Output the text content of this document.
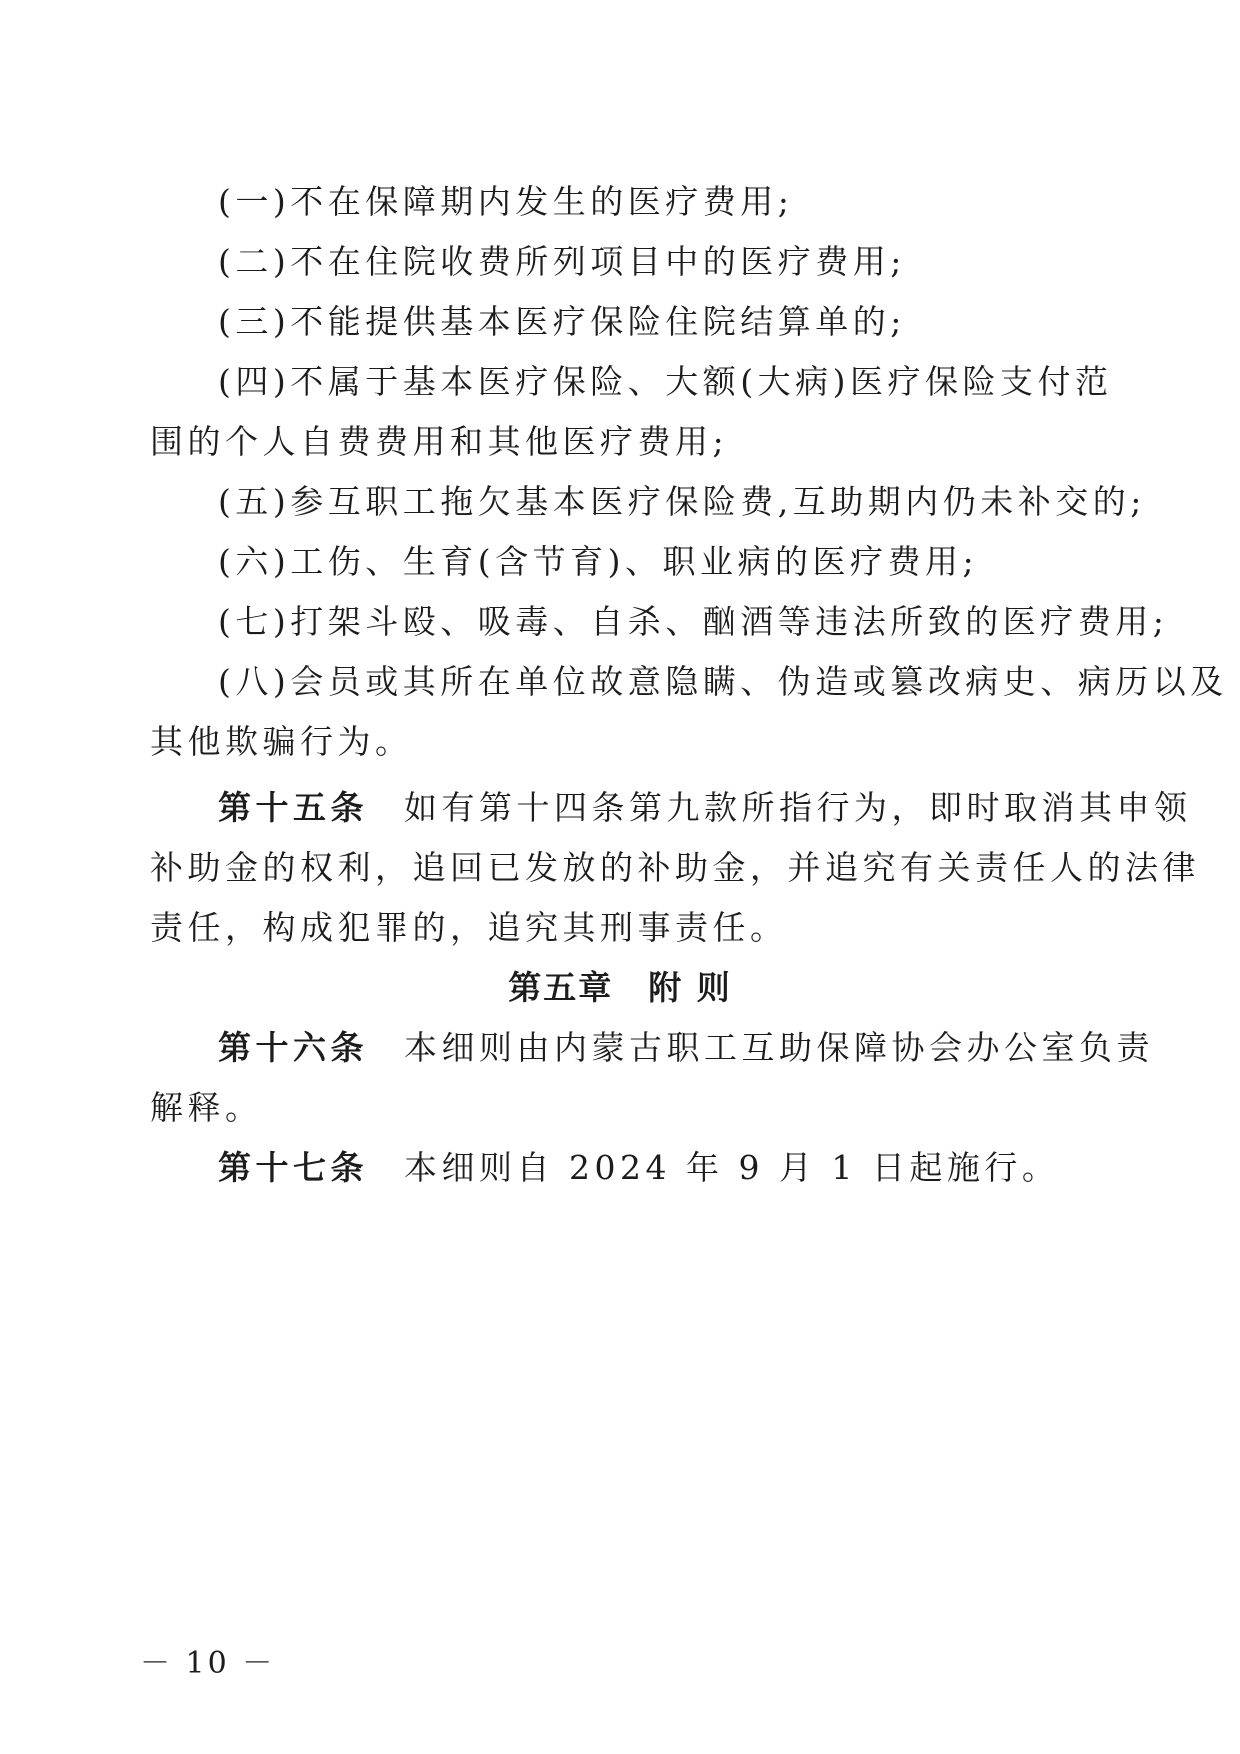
(一)不在保障期内发生的医疗费用;

(二)不在住院收费所列项目中的医疗费用;

(三)不能提供基本医疗保险住院结算单的;

(四)不属于基本医疗保险、大额(大病)医疗保险支付范

围的个人自费费用和其他医疗费用;

(五)参互职工拖欠基本医疗保险费,互助期内仍未补交的;

(六)工伤、生育(含节育)、职业病的医疗费用;

(七)打架斗殴、吸毒、自杀、酗酒等违法所致的医疗费用;

(八)会员或其所在单位故意隐瞒、伪造或篡改病史、病历以及

其他欺骗行为。

第十五条 如有第十四条第九款所指行为，即时取消其申领

补助金的权利，追回已发放的补助金，并追究有关责任人的法律

责任，构成犯罪的，追究其刑事责任。

第五章　附 则

第十六条 本细则由内蒙古职工互助保障协会办公室负责

解释。

第十七条 本细则自 2024 年 9 月 1 日起施行。

－ 10 －
